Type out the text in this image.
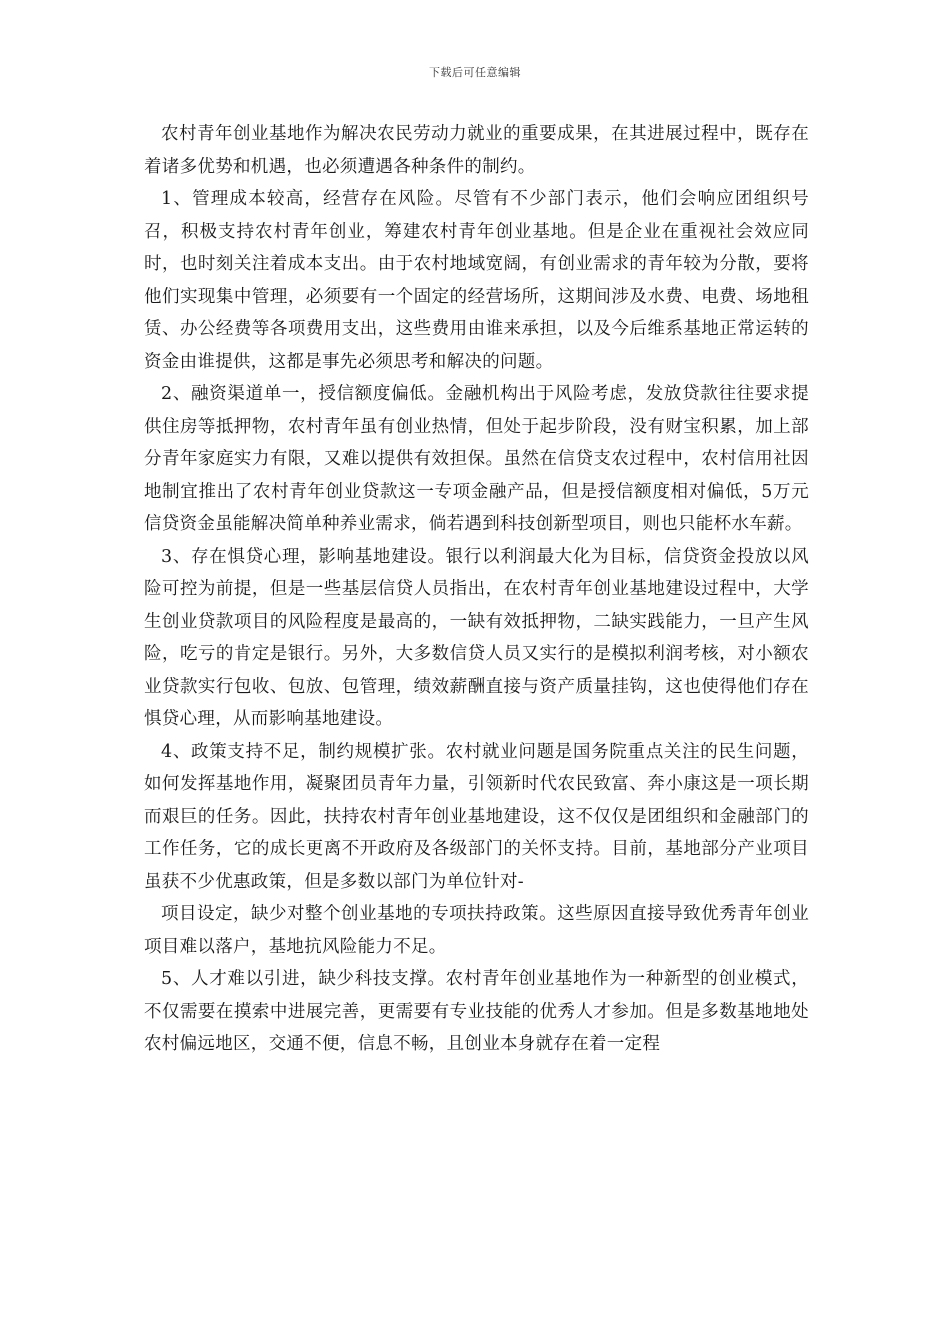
下载后可任意编辑

农村青年创业基地作为解决农民劳动力就业的重要成果，在其进展过程中，既存在着诸多优势和机遇，也必须遭遇各种条件的制约。

1、管理成本较高，经营存在风险。尽管有不少部门表示，他们会响应团组织号召，积极支持农村青年创业，筹建农村青年创业基地。但是企业在重视社会效应同时，也时刻关注着成本支出。由于农村地域宽阔，有创业需求的青年较为分散，要将他们实现集中管理，必须要有一个固定的经营场所，这期间涉及水费、电费、场地租赁、办公经费等各项费用支出，这些费用由谁来承担，以及今后维系基地正常运转的资金由谁提供，这都是事先必须思考和解决的问题。

2、融资渠道单一，授信额度偏低。金融机构出于风险考虑，发放贷款往往要求提供住房等抵押物，农村青年虽有创业热情，但处于起步阶段，没有财宝积累，加上部分青年家庭实力有限，又难以提供有效担保。虽然在信贷支农过程中，农村信用社因地制宜推出了农村青年创业贷款这一专项金融产品，但是授信额度相对偏低，5万元信贷资金虽能解决简单种养业需求，倘若遇到科技创新型项目，则也只能杯水车薪。

3、存在惧贷心理，影响基地建设。银行以利润最大化为目标，信贷资金投放以风险可控为前提，但是一些基层信贷人员指出，在农村青年创业基地建设过程中，大学生创业贷款项目的风险程度是最高的，一缺有效抵押物，二缺实践能力，一旦产生风险，吃亏的肯定是银行。另外，大多数信贷人员又实行的是模拟利润考核，对小额农业贷款实行包收、包放、包管理，绩效薪酬直接与资产质量挂钩，这也使得他们存在惧贷心理，从而影响基地建设。

4、政策支持不足，制约规模扩张。农村就业问题是国务院重点关注的民生问题，如何发挥基地作用，凝聚团员青年力量，引领新时代农民致富、奔小康这是一项长期而艰巨的任务。因此，扶持农村青年创业基地建设，这不仅仅是团组织和金融部门的工作任务，它的成长更离不开政府及各级部门的关怀支持。目前，基地部分产业项目虽获不少优惠政策，但是多数以部门为单位针对-

项目设定，缺少对整个创业基地的专项扶持政策。这些原因直接导致优秀青年创业项目难以落户，基地抗风险能力不足。

5、人才难以引进，缺少科技支撑。农村青年创业基地作为一种新型的创业模式，不仅需要在摸索中进展完善，更需要有专业技能的优秀人才参加。但是多数基地地处农村偏远地区，交通不便，信息不畅，且创业本身就存在着一定程
